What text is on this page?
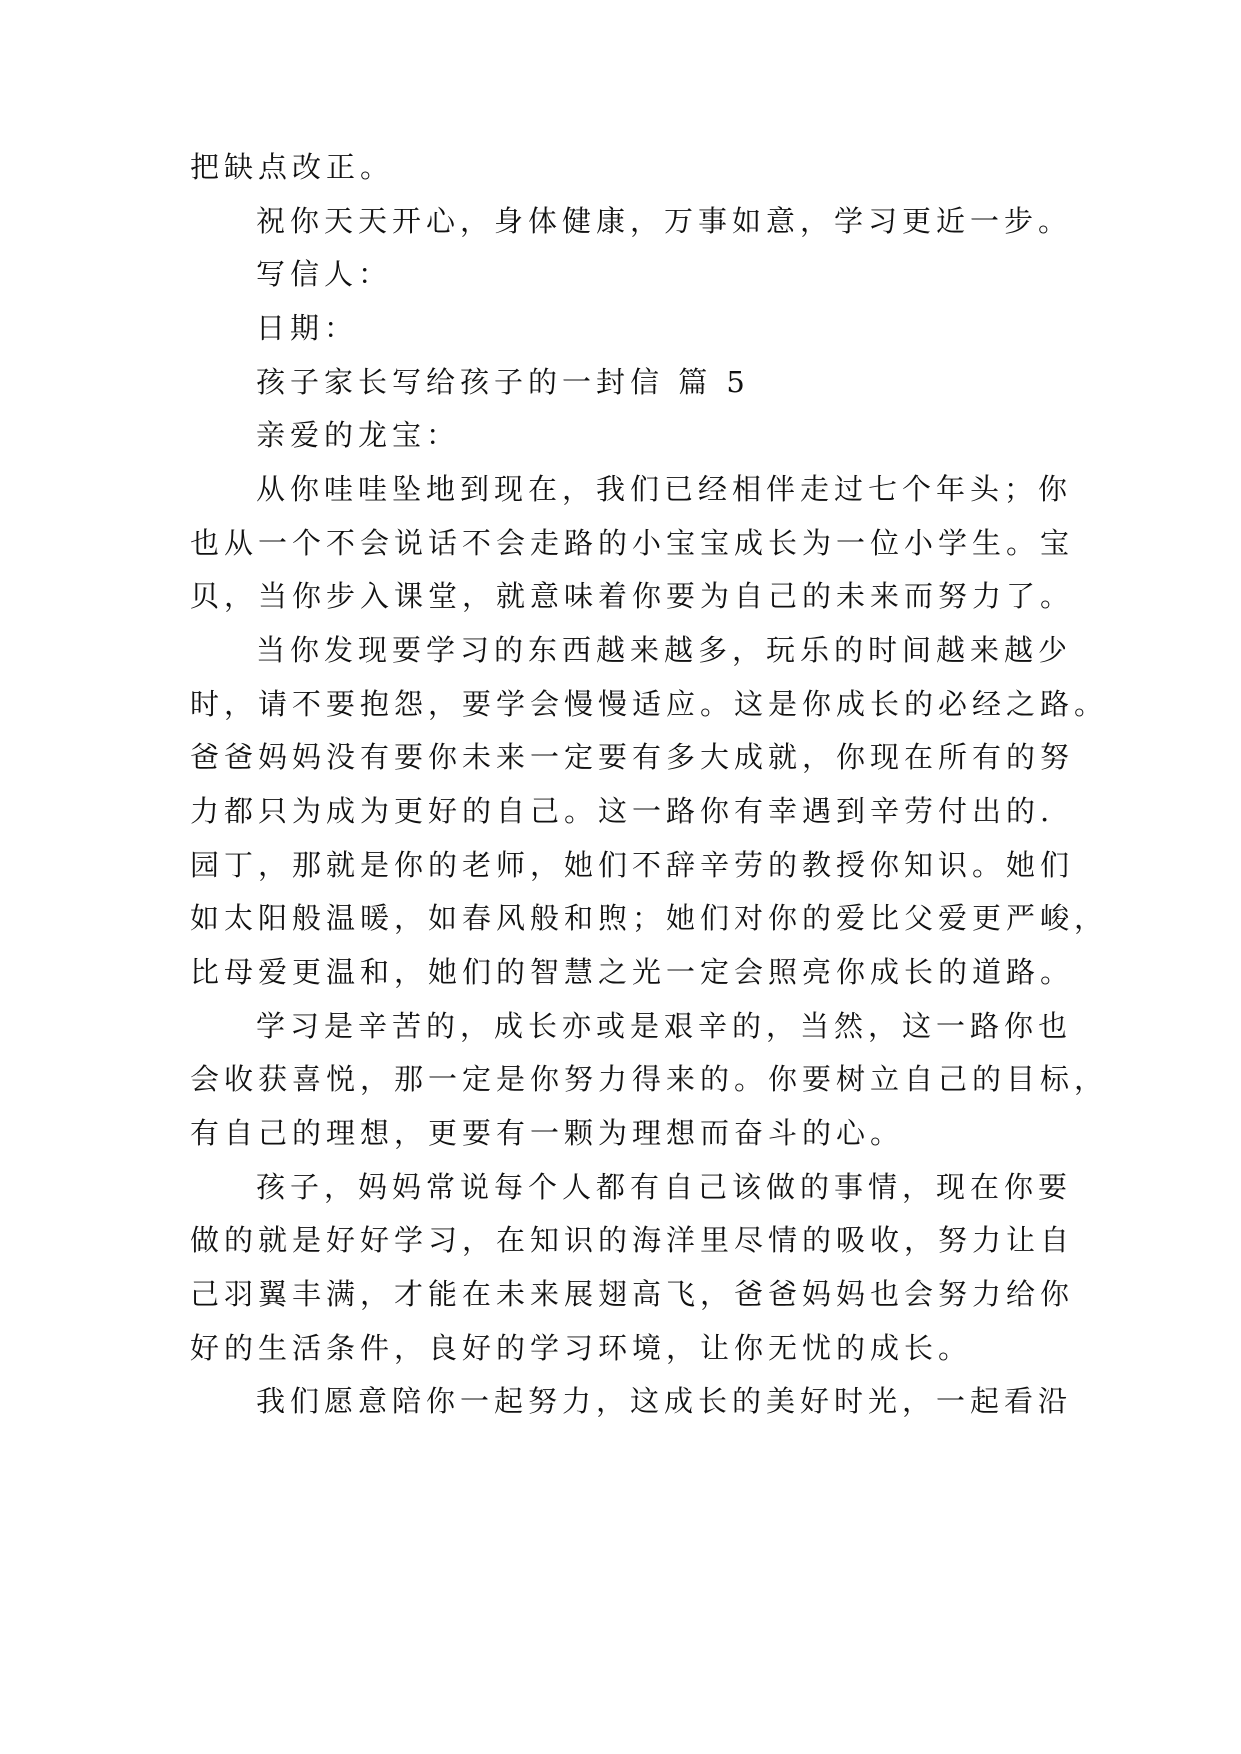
把缺点改正。
祝你天天开心，身体健康，万事如意，学习更近一步。
写信人：
日期：
孩子家长写给孩子的一封信 篇 5
亲爱的龙宝：
从你哇哇坠地到现在，我们已经相伴走过七个年头；你
也从一个不会说话不会走路的小宝宝成长为一位小学生。宝
贝，当你步入课堂，就意味着你要为自己的未来而努力了。
当你发现要学习的东西越来越多，玩乐的时间越来越少
时，请不要抱怨，要学会慢慢适应。这是你成长的必经之路。
爸爸妈妈没有要你未来一定要有多大成就，你现在所有的努
力都只为成为更好的自己。这一路你有幸遇到辛劳付出的.
园丁，那就是你的老师，她们不辞辛劳的教授你知识。她们
如太阳般温暖，如春风般和煦；她们对你的爱比父爱更严峻，
比母爱更温和，她们的智慧之光一定会照亮你成长的道路。
学习是辛苦的，成长亦或是艰辛的，当然，这一路你也
会收获喜悦，那一定是你努力得来的。你要树立自己的目标，
有自己的理想，更要有一颗为理想而奋斗的心。
孩子，妈妈常说每个人都有自己该做的事情，现在你要
做的就是好好学习，在知识的海洋里尽情的吸收，努力让自
己羽翼丰满，才能在未来展翅高飞，爸爸妈妈也会努力给你
好的生活条件，良好的学习环境，让你无忧的成长。
我们愿意陪你一起努力，这成长的美好时光，一起看沿
